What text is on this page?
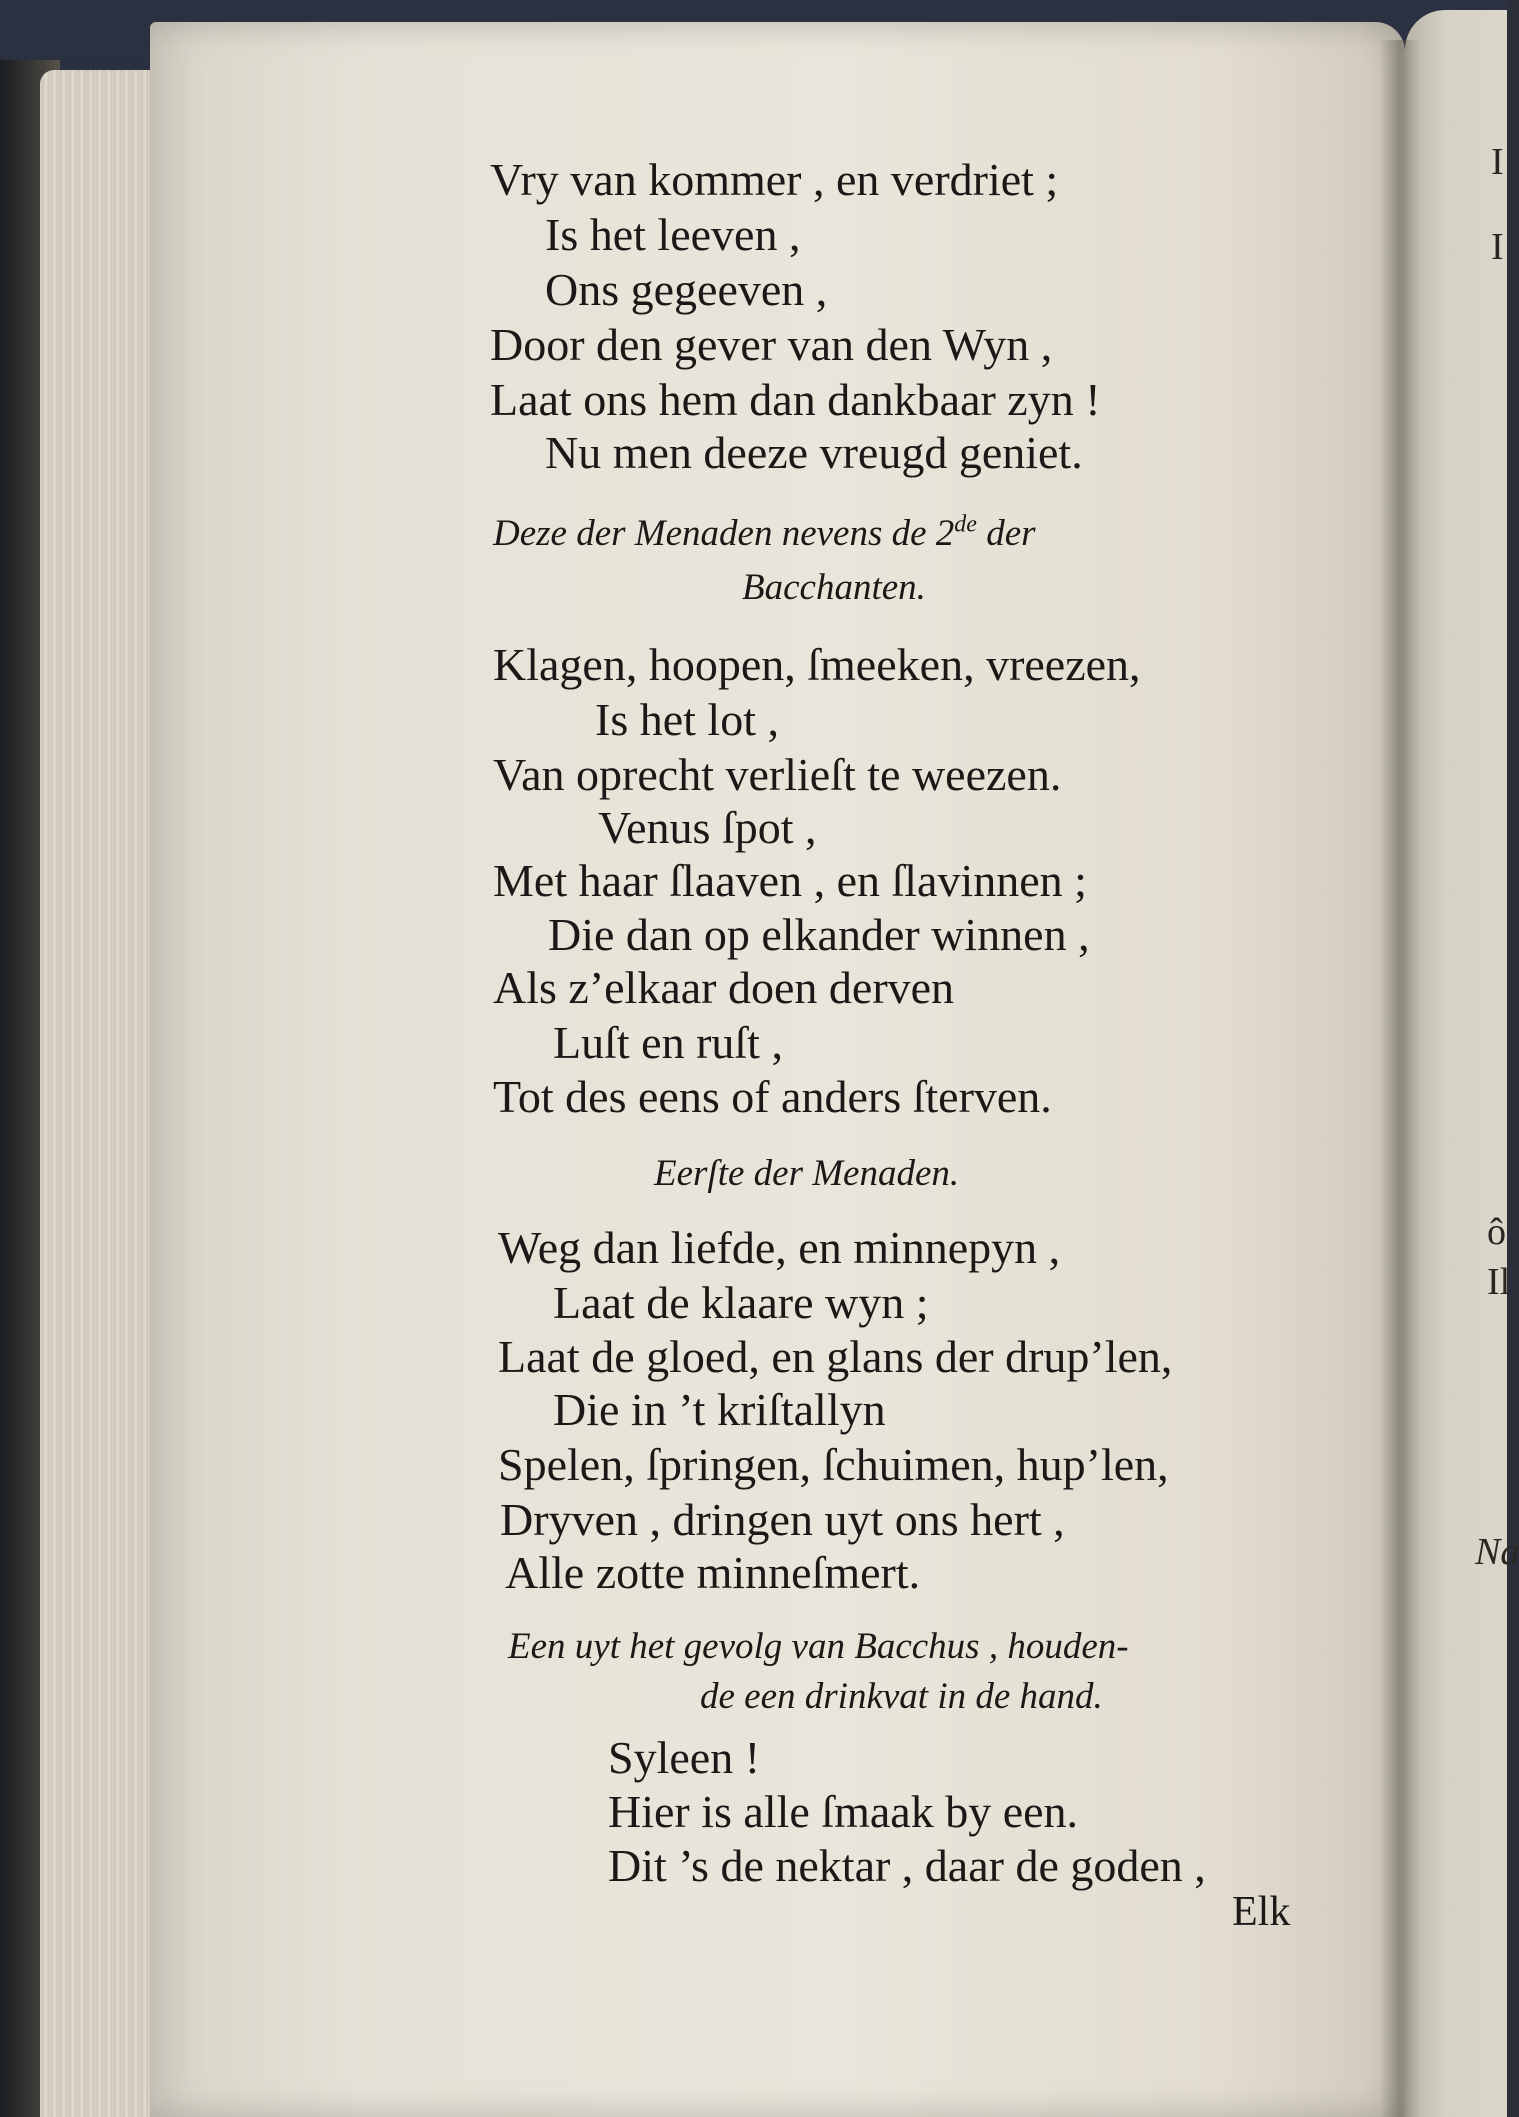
I
I
ô
Il
Na
Vry van kommer , en verdriet ;
Is het leeven ,
Ons gegeeven ,
Door den gever van den Wyn ,
Laat ons hem dan dankbaar zyn !
Nu men deeze vreugd geniet.
Deze der Menaden nevens de 2de der
Bacchanten.
Klagen, hoopen, ſmeeken, vreezen,
Is het lot ,
Van oprecht verlieſt te weezen.
Venus ſpot ,
Met haar ſlaaven , en ſlavinnen ;
Die dan op elkander winnen ,
Als z’elkaar doen derven
Luſt en ruſt ,
Tot des eens of anders ſterven.
Eerſte der Menaden.
Weg dan liefde, en minnepyn ,
Laat de klaare wyn ;
Laat de gloed, en glans der drup’len,
Die in ’t kriſtallyn
Spelen, ſpringen, ſchuimen, hup’len,
Dryven , dringen uyt ons hert ,
Alle zotte minneſmert.
Een uyt het gevolg van Bacchus , houden-
de een drinkvat in de hand.
Syleen !
Hier is alle ſmaak by een.
Dit ’s de nektar , daar de goden ,
Elk
